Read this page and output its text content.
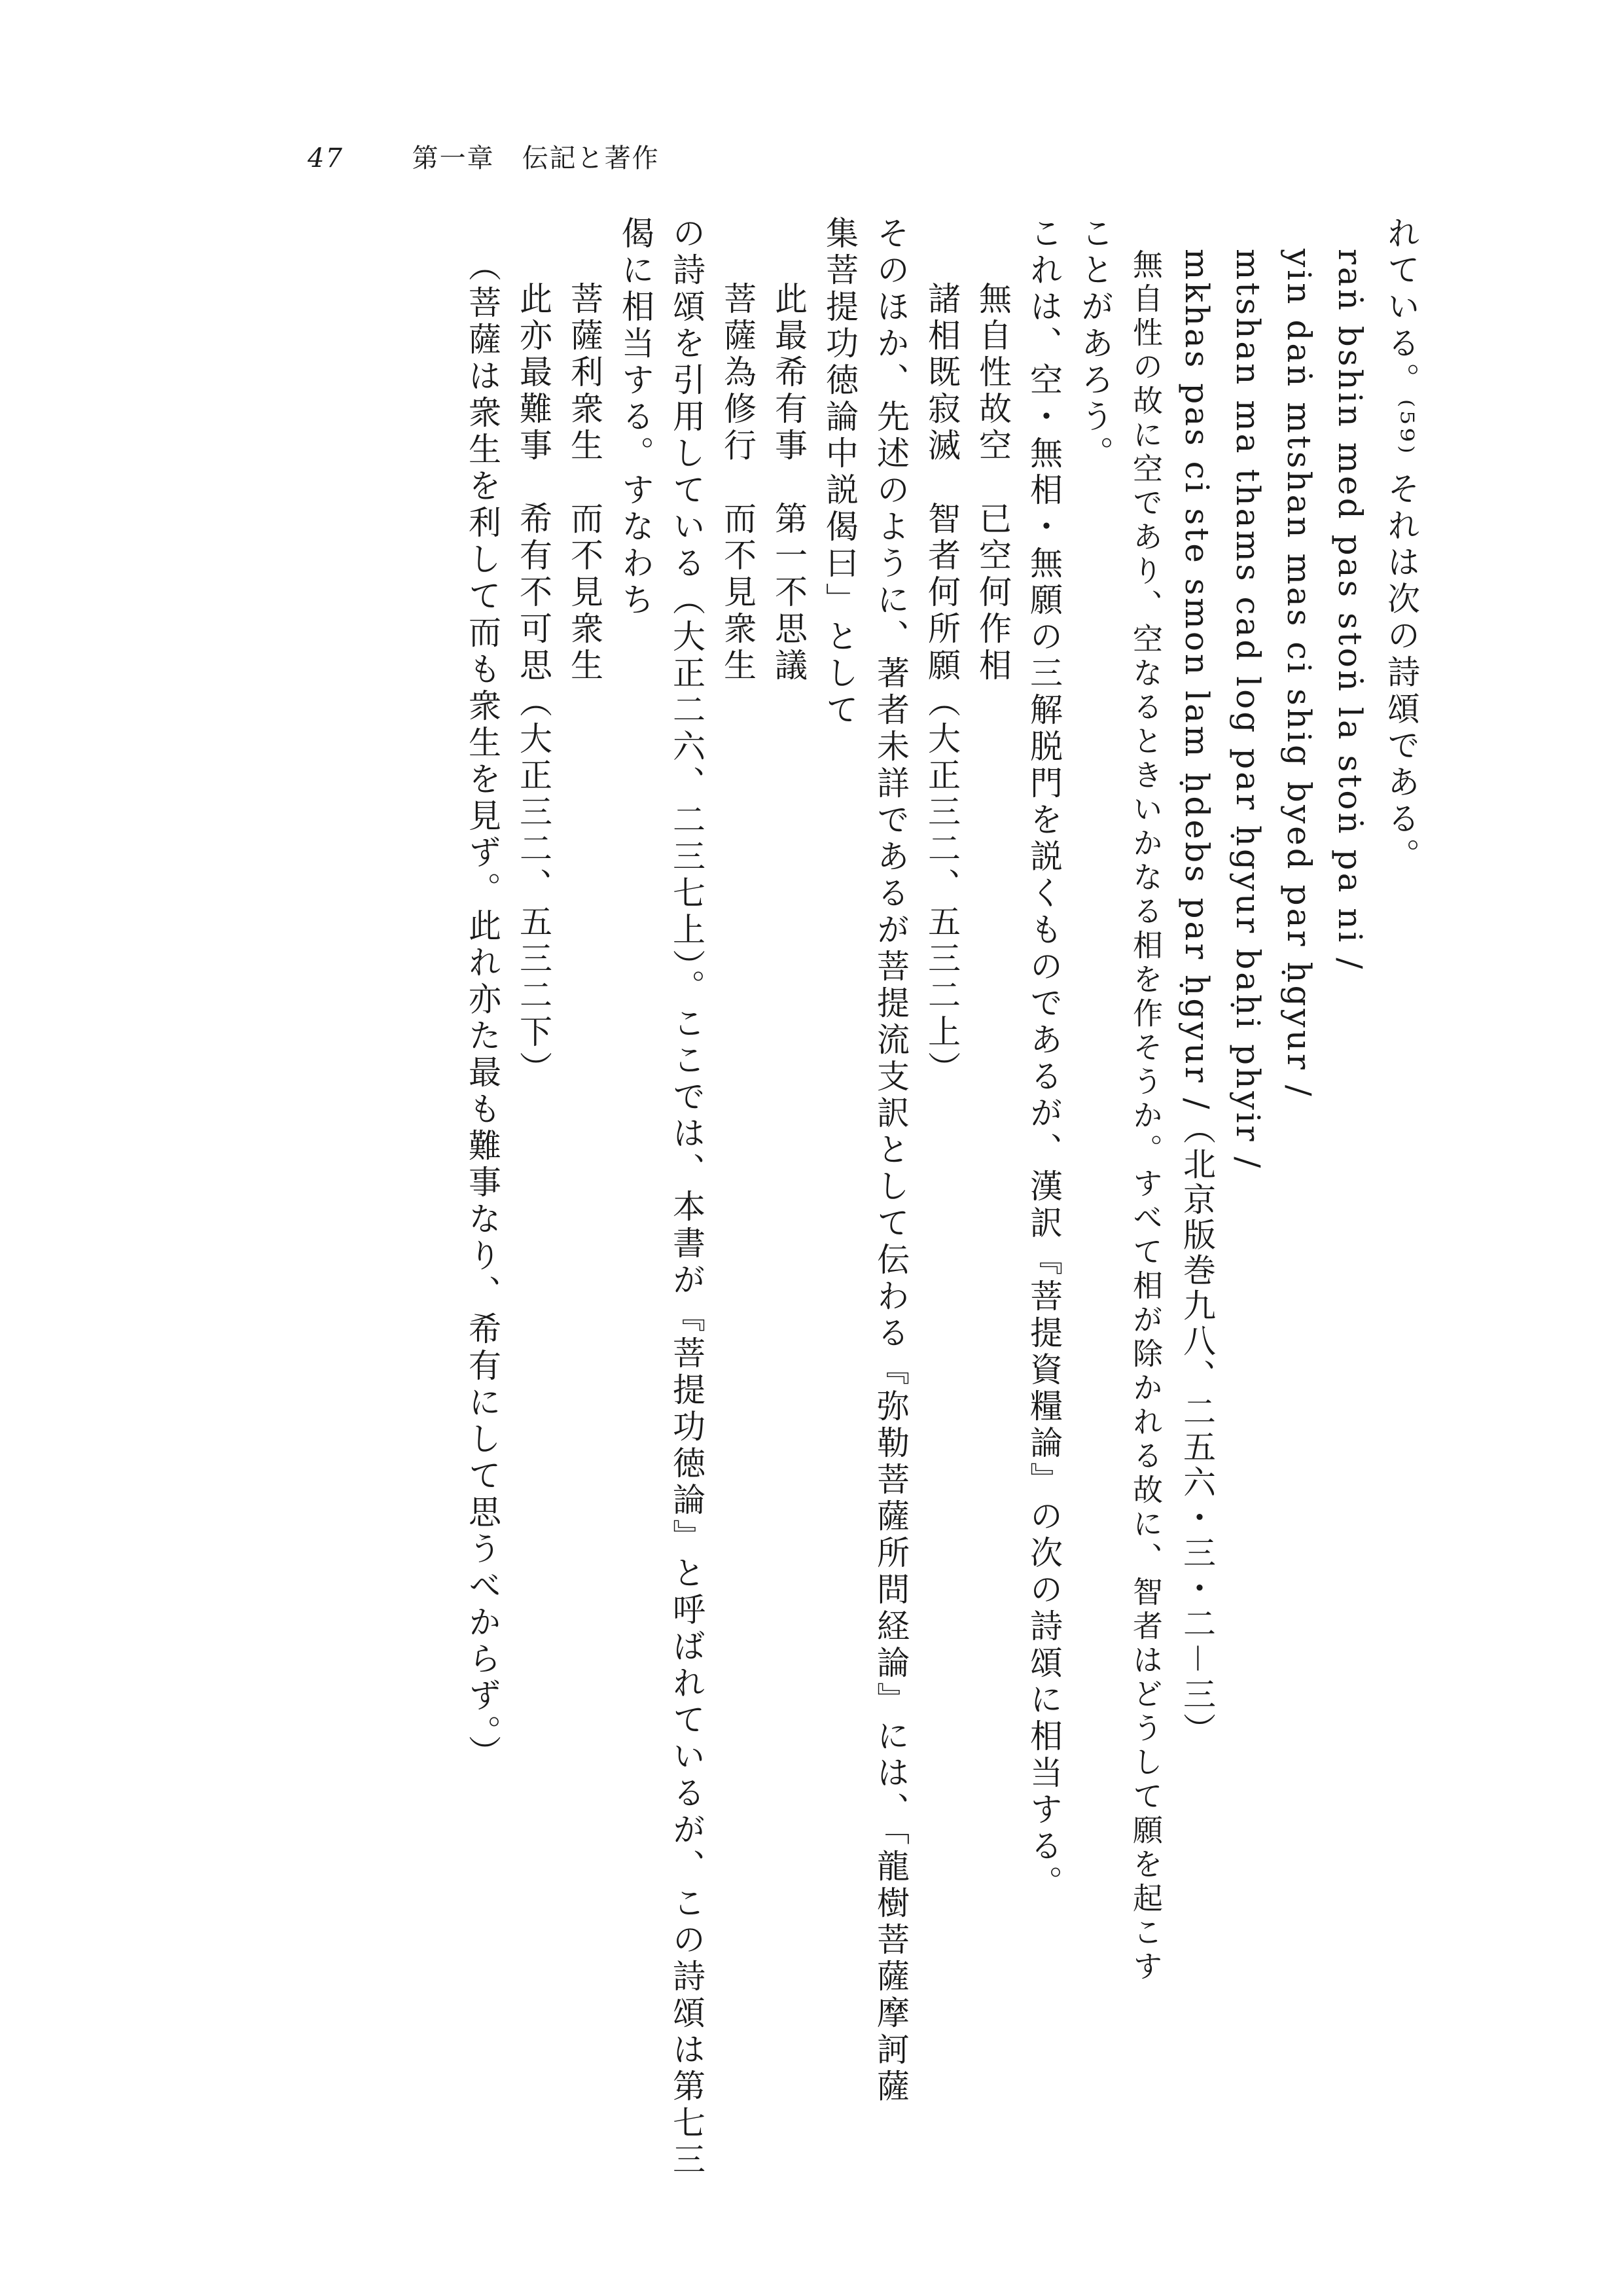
47	第一章　伝記と著作
れている。⁽⁵⁹⁾ それは次の詩頌である。
raṅ bshin med pas stoṅ la stoṅ pa ni /
yin daṅ mtshan mas ci shig byed par ḥgyur /
mtshan ma thams cad log par ḥgyur baḥi phyir /
mkhas pas ci ste smon lam ḥdebs par ḥgyur /（北京版巻九八、二五六・三・二－三）
無自性の故に空であり、空なるときいかなる相を作そうか。すべて相が除かれる故に、智者はどうして願を起こす
ことがあろう。
これは、空・無相・無願の三解脱門を説くものであるが、漢訳『菩提資糧論』の次の詩頌に相当する。
無自性故空　已空何作相
諸相既寂滅　智者何所願（大正三二、五三二上）
そのほか、先述のように、著者未詳であるが菩提流支訳として伝わる『弥勒菩薩所問経論』には、「龍樹菩薩摩訶薩
集菩提功徳論中説偈曰」として
此最希有事　第一不思議
菩薩為修行　而不見衆生
の詩頌を引用している（大正二六、二三七上）。ここでは、本書が『菩提功徳論』と呼ばれているが、この詩頌は第七三
偈に相当する。すなわち
菩薩利衆生　而不見衆生
此亦最難事　希有不可思（大正三二、五三二下）
（菩薩は衆生を利して而も衆生を見ず。此れ亦た最も難事なり、希有にして思うべからず。）
